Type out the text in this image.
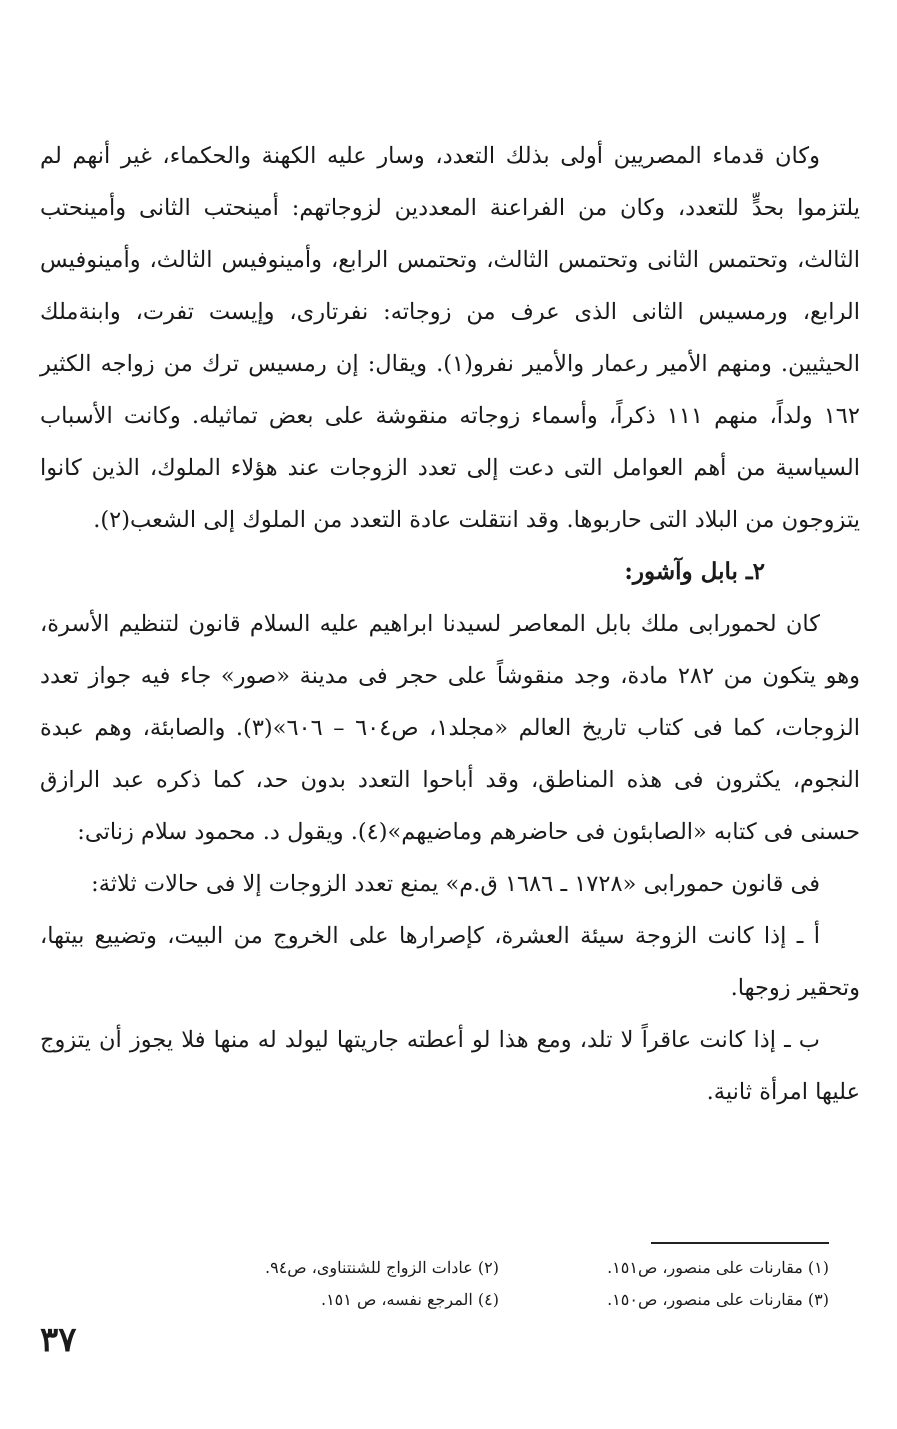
وكان قدماء المصريين أولى بذلك التعدد، وسار عليه الكهنة والحكماء، غير أنهم لم يلتزموا بحدٍّ للتعدد، وكان من الفراعنة المعددين لزوجاتهم: أمينحتب الثانى وأمينحتب الثالث، وتحتمس الثانى وتحتمس الثالث، وتحتمس الرابع، وأمينوفيس الثالث، وأمينوفيس الرابع، ورمسيس الثانى الذى عرف من زوجاته: نفرتارى، وإيست تفرت، وابنةملك الحيثيين. ومنهم الأمير رعمار والأمير نفرو(١). ويقال: إن رمسيس ترك من زواجه الكثير ١٦٢ ولداً، منهم ١١١ ذكراً، وأسماء زوجاته منقوشة على بعض تماثيله. وكانت الأسباب السياسية من أهم العوامل التى دعت إلى تعدد الزوجات عند هؤلاء الملوك، الذين كانوا يتزوجون من البلاد التى حاربوها. وقد انتقلت عادة التعدد من الملوك إلى الشعب(٢).

٢ـ بابل وآشور:

كان لحمورابى ملك بابل المعاصر لسيدنا ابراهيم عليه السلام قانون لتنظيم الأسرة، وهو يتكون من ٢٨٢ مادة، وجد منقوشاً على حجر فى مدينة «صور» جاء فيه جواز تعدد الزوجات، كما فى كتاب تاريخ العالم «مجلد١، ص٦٠٤ – ٦٠٦»(٣). والصابئة، وهم عبدة النجوم، يكثرون فى هذه المناطق، وقد أباحوا التعدد بدون حد، كما ذكره عبد الرازق حسنى فى كتابه «الصابئون فى حاضرهم وماضيهم»(٤). ويقول د. محمود سلام زناتى:

فى قانون حمورابى «١٧٢٨ ـ ١٦٨٦ ق.م» يمنع تعدد الزوجات إلا فى حالات ثلاثة:

أ ـ إذا كانت الزوجة سيئة العشرة، كإصرارها على الخروج من البيت، وتضييع بيتها، وتحقير زوجها.

ب ـ إذا كانت عاقراً لا تلد، ومع هذا لو أعطته جاريتها ليولد له منها فلا يجوز أن يتزوج عليها امرأة ثانية.

(١) مقارنات على منصور، ص١٥١.
(٢) عادات الزواج للشنتناوى، ص٩٤.
(٣) مقارنات على منصور، ص١٥٠.
(٤) المرجع نفسه، ص ١٥١.
٣٧
